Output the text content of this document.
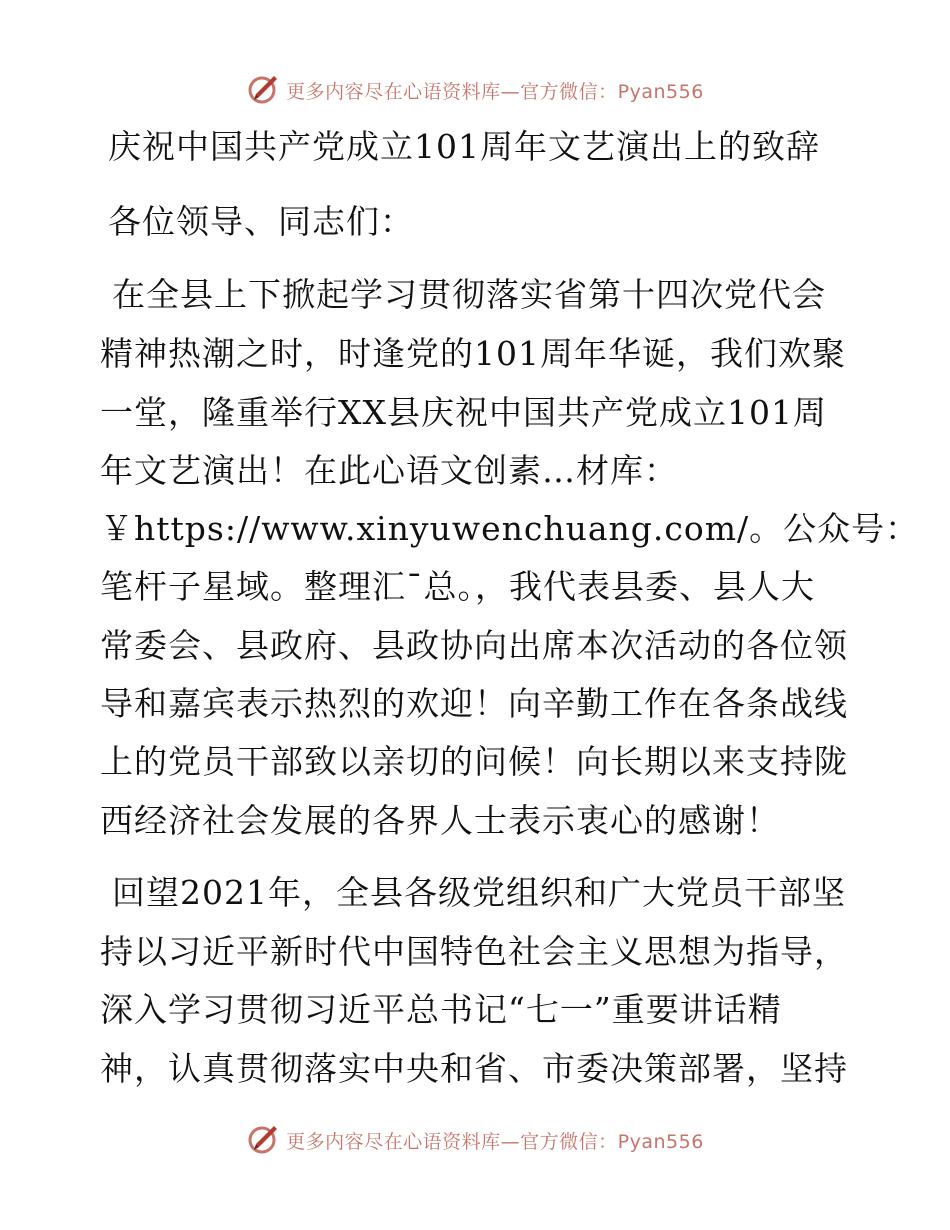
更多内容尽在心语资料库—官方微信：Pyan556
庆祝中国共产党成立101周年文艺演出上的致辞
各位领导、同志们：
在全县上下掀起学习贯彻落实省第十四次党代会
精神热潮之时，时逢党的101周年华诞，我们欢聚
一堂，隆重举行XX县庆祝中国共产党成立101周
年文艺演出！在此心语文创素…材库：
￥https://www.xinyuwenchuang.com/。公众号：
笔杆子星域。整理汇¯总。，我代表县委、县人大
常委会、县政府、县政协向出席本次活动的各位领
导和嘉宾表示热烈的欢迎！向辛勤工作在各条战线
上的党员干部致以亲切的问候！向长期以来支持陇
西经济社会发展的各界人士表示衷心的感谢！
回望2021年，全县各级党组织和广大党员干部坚
持以习近平新时代中国特色社会主义思想为指导，
深入学习贯彻习近平总书记“七一”重要讲话精
神，认真贯彻落实中央和省、市委决策部署，坚持
更多内容尽在心语资料库—官方微信：Pyan556
